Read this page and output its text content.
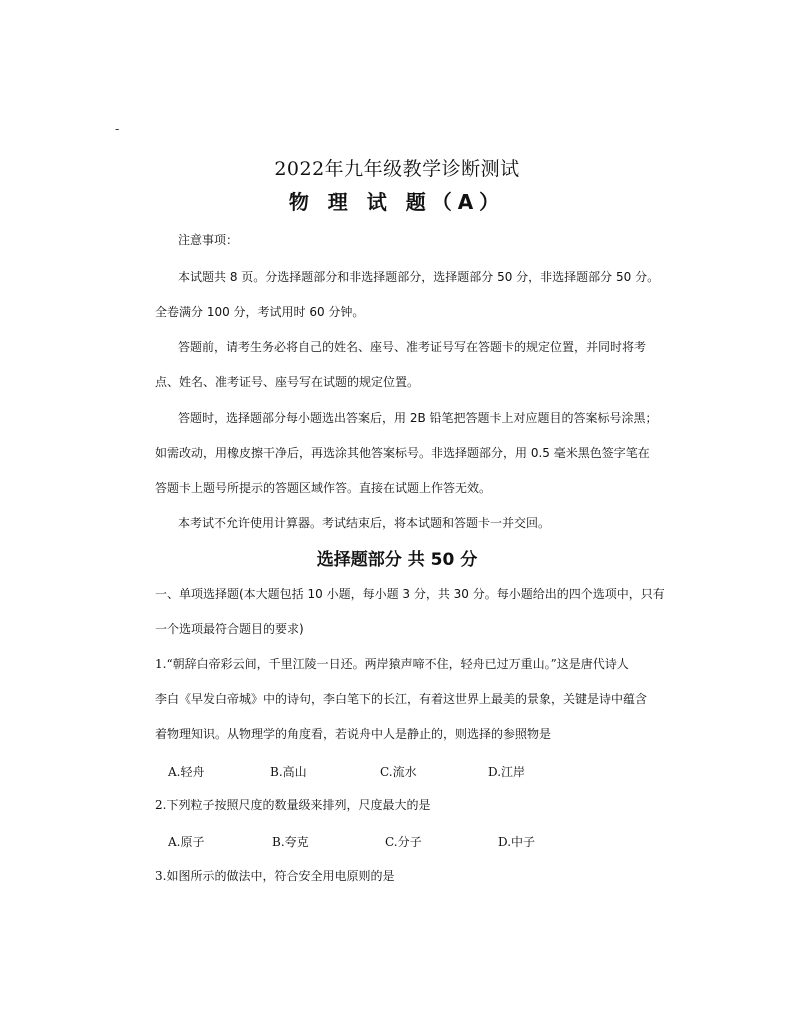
-
2022年九年级教学诊断测试
物 理 试 题（A）
注意事项：
本试题共 8 页。分选择题部分和非选择题部分，选择题部分 50 分，非选择题部分 50 分。
全卷满分 100 分，考试用时 60 分钟。
答题前，请考生务必将自己的姓名、座号、准考证号写在答题卡的规定位置，并同时将考
点、姓名、准考证号、座号写在试题的规定位置。
答题时，选择题部分每小题选出答案后，用 2B 铅笔把答题卡上对应题目的答案标号涂黑；
如需改动，用橡皮擦干净后，再选涂其他答案标号。非选择题部分，用 0.5 毫米黑色签字笔在
答题卡上题号所提示的答题区域作答。直接在试题上作答无效。
本考试不允许使用计算器。考试结束后，将本试题和答题卡一并交回。
选择题部分 共 50 分
一、单项选择题(本大题包括 10 小题，每小题 3 分，共 30 分。每小题给出的四个选项中，只有
一个选项最符合题目的要求)
1.“朝辞白帝彩云间，千里江陵一日还。两岸猿声啼不住，轻舟已过万重山。”这是唐代诗人
李白《早发白帝城》中的诗句，李白笔下的长江，有着这世界上最美的景象，关键是诗中蕴含
着物理知识。从物理学的角度看，若说舟中人是静止的，则选择的参照物是
A.轻舟	B.高山	C.流水	D.江岸
2.下列粒子按照尺度的数量级来排列，尺度最大的是
A.原子	B.夸克	C.分子	D.中子
3.如图所示的做法中，符合安全用电原则的是
